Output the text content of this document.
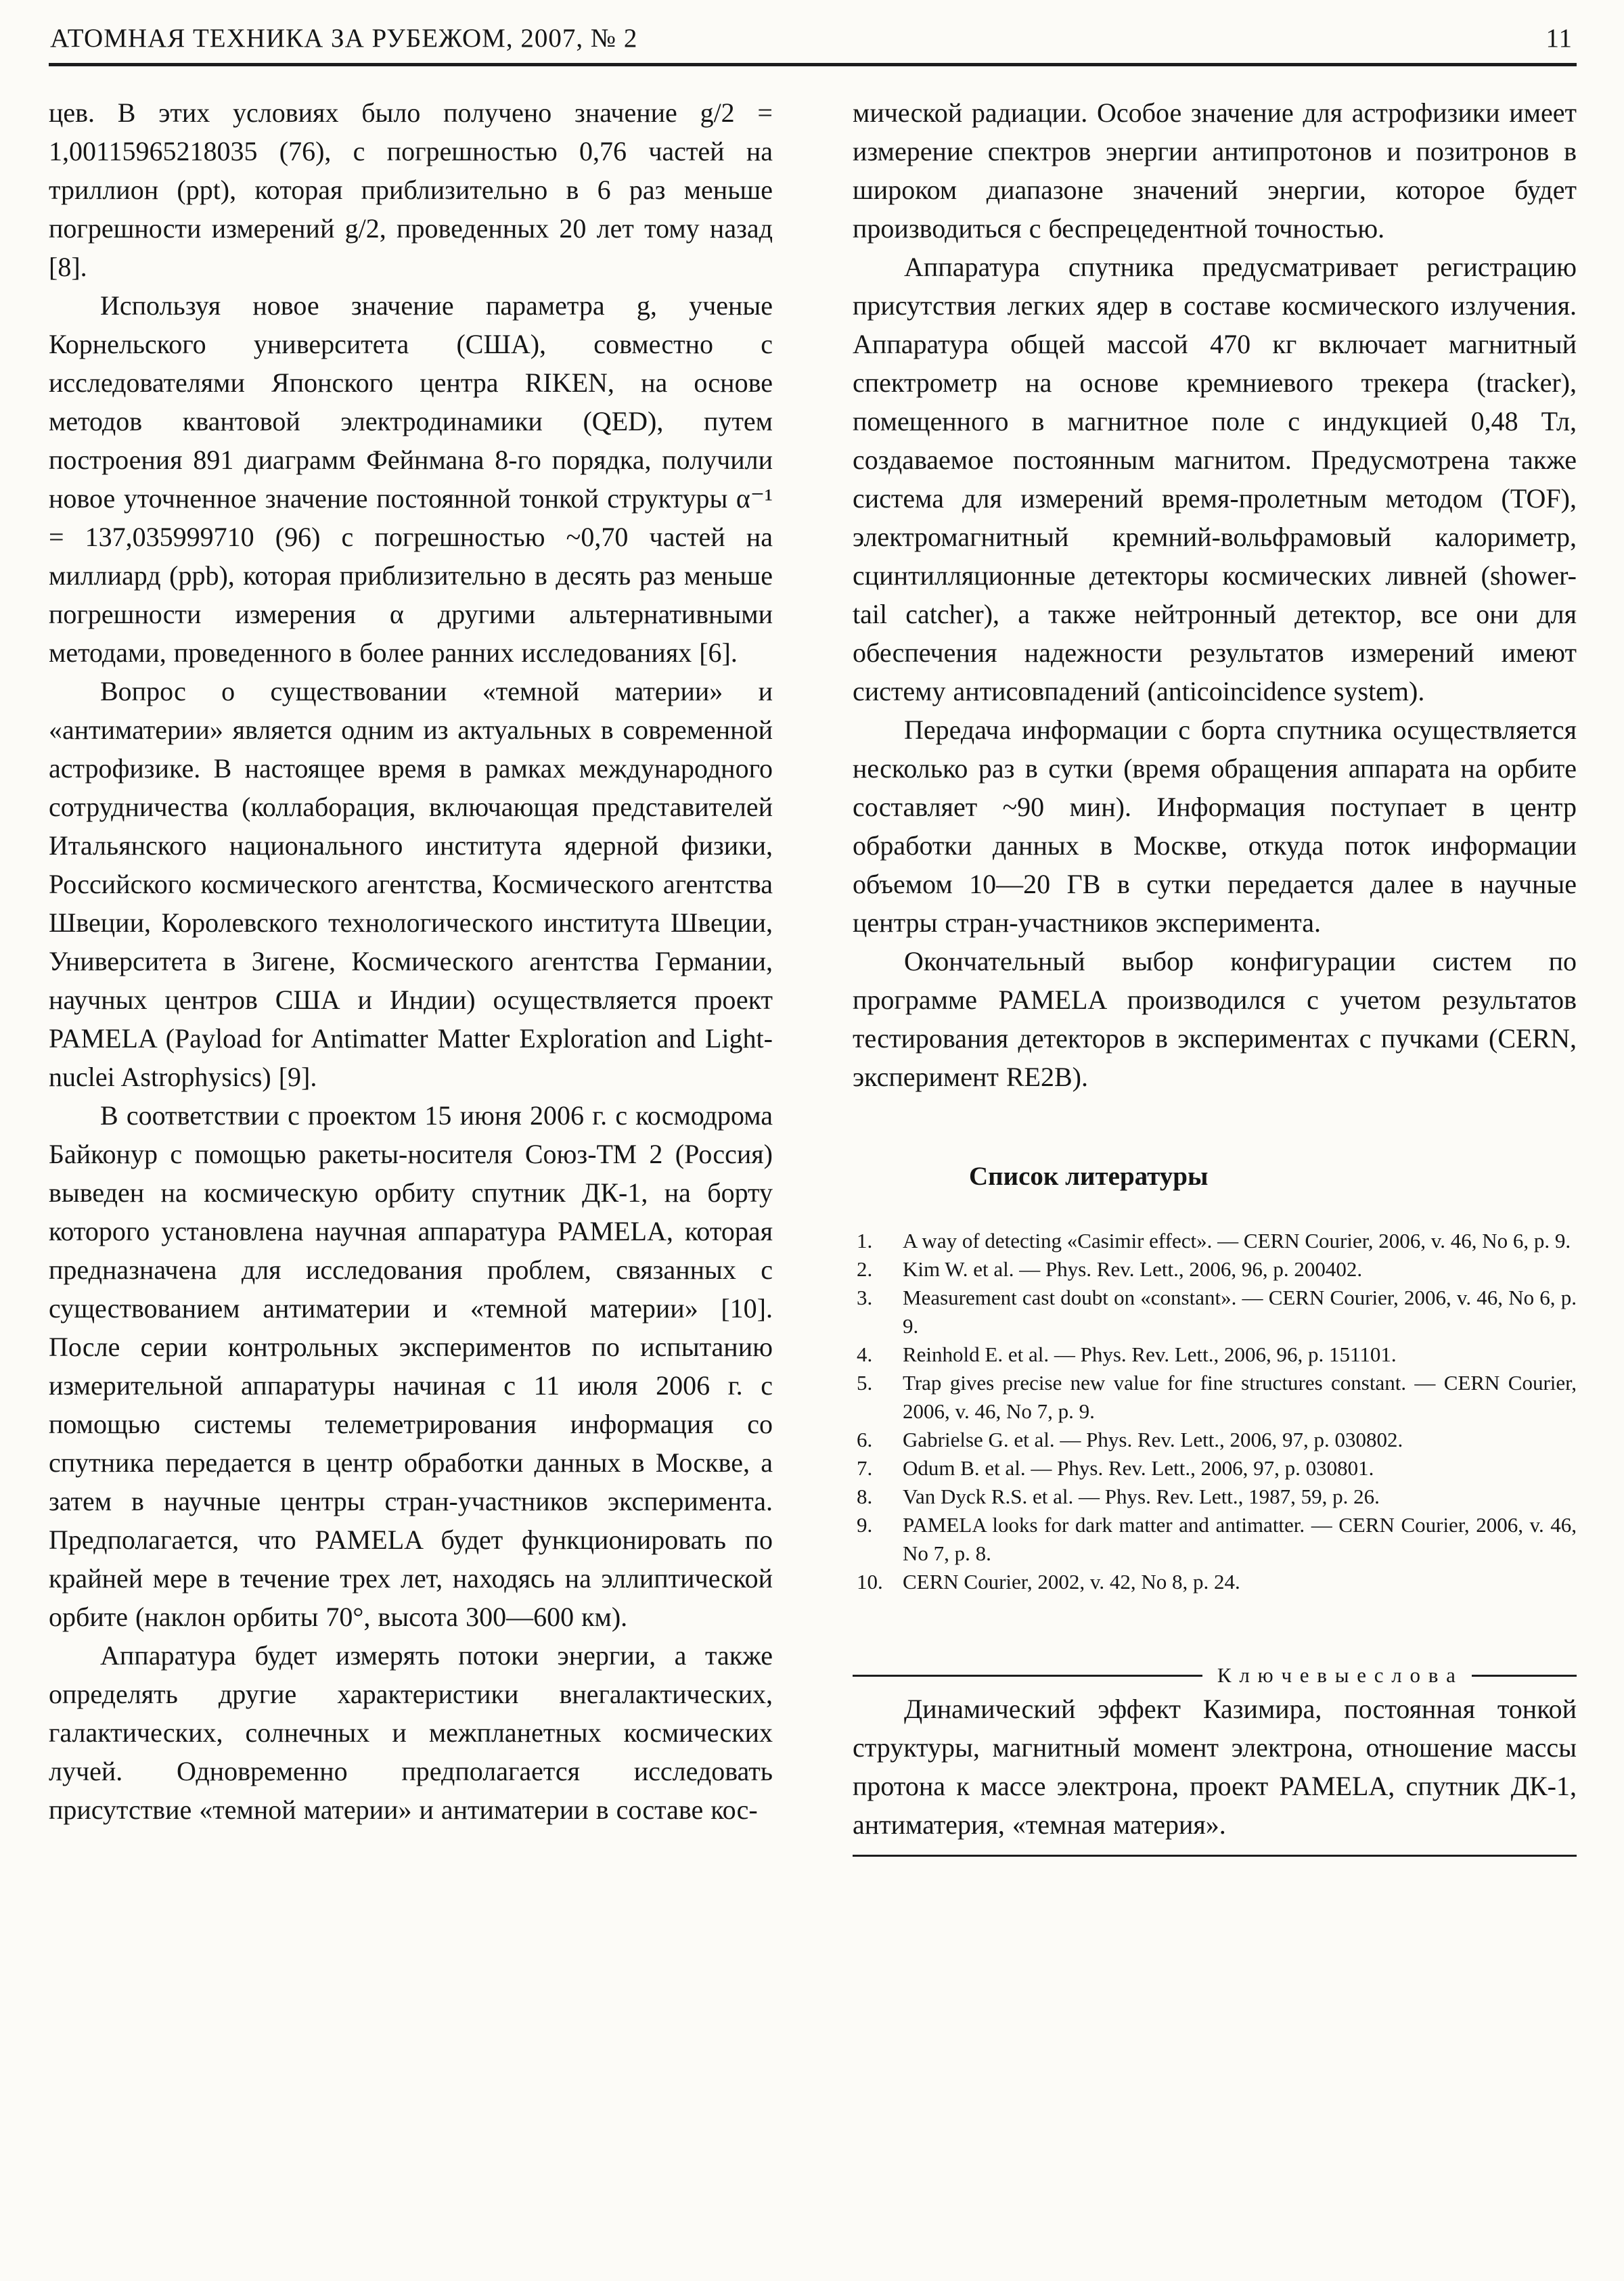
АТОМНАЯ ТЕХНИКА ЗА РУБЕЖОМ, 2007, № 2	11

цев. В этих условиях было получено значение g/2 = 1,00115965218035 (76), с погрешностью 0,76 частей на триллион (ppt), которая приблизительно в 6 раз меньше погрешности измерений g/2, проведенных 20 лет тому назад [8].

Используя новое значение параметра g, ученые Корнельского университета (США), совместно с исследователями Японского центра RIKEN, на основе методов квантовой электродинамики (QED), путем построения 891 диаграмм Фейнмана 8-го порядка, получили новое уточненное значение постоянной тонкой структуры α⁻¹ = 137,035999710 (96) с погрешностью ~0,70 частей на миллиард (ppb), которая приблизительно в десять раз меньше погрешности измерения α другими альтернативными методами, проведенного в более ранних исследованиях [6].

Вопрос о существовании «темной материи» и «антиматерии» является одним из актуальных в современной астрофизике. В настоящее время в рамках международного сотрудничества (коллаборация, включающая представителей Итальянского национального института ядерной физики, Российского космического агентства, Космического агентства Швеции, Королевского технологического института Швеции, Университета в Зигене, Космического агентства Германии, научных центров США и Индии) осуществляется проект PAMELA (Payload for Antimatter Matter Exploration and Light-nuclei Astrophysics) [9].

В соответствии с проектом 15 июня 2006 г. с космодрома Байконур с помощью ракеты-носителя Союз-ТМ 2 (Россия) выведен на космическую орбиту спутник ДК-1, на борту которого установлена научная аппаратура PAMELA, которая предназначена для исследования проблем, связанных с существованием антиматерии и «темной материи» [10]. После серии контрольных экспериментов по испытанию измерительной аппаратуры начиная с 11 июля 2006 г. с помощью системы телеметрирования информация со спутника передается в центр обработки данных в Москве, а затем в научные центры стран-участников эксперимента. Предполагается, что PAMELA будет функционировать по крайней мере в течение трех лет, находясь на эллиптической орбите (наклон орбиты 70°, высота 300—600 км).

Аппаратура будет измерять потоки энергии, а также определять другие характеристики внегалактических, галактических, солнечных и межпланетных космических лучей. Одновременно предполагается исследовать присутствие «темной материи» и антиматерии в составе кос-

мической радиации. Особое значение для астрофизики имеет измерение спектров энергии антипротонов и позитронов в широком диапазоне значений энергии, которое будет производиться с беспрецедентной точностью.

Аппаратура спутника предусматривает регистрацию присутствия легких ядер в составе космического излучения. Аппаратура общей массой 470 кг включает магнитный спектрометр на основе кремниевого трекера (tracker), помещенного в магнитное поле с индукцией 0,48 Тл, создаваемое постоянным магнитом. Предусмотрена также система для измерений время-пролетным методом (TOF), электромагнитный кремний-вольфрамовый калориметр, сцинтилляционные детекторы космических ливней (shower-tail catcher), а также нейтронный детектор, все они для обеспечения надежности результатов измерений имеют систему антисовпадений (anticoincidence system).

Передача информации с борта спутника осуществляется несколько раз в сутки (время обращения аппарата на орбите составляет ~90 мин). Информация поступает в центр обработки данных в Москве, откуда поток информации объемом 10—20 ГВ в сутки передается далее в научные центры стран-участников эксперимента.

Окончательный выбор конфигурации систем по программе PAMELA производился с учетом результатов тестирования детекторов в экспериментах с пучками (CERN, эксперимент RE2B).

Список литературы
1.	A way of detecting «Casimir effect». — CERN Courier, 2006, v. 46, No 6, p. 9.
2.	Kim W. et al. — Phys. Rev. Lett., 2006, 96, p. 200402.
3.	Measurement cast doubt on «constant». — CERN Courier, 2006, v. 46, No 6, p. 9.
4.	Reinhold E. et al. — Phys. Rev. Lett., 2006, 96, p. 151101.
5.	Trap gives precise new value for fine structures constant. — CERN Courier, 2006, v. 46, No 7, p. 9.
6.	Gabrielse G. et al. — Phys. Rev. Lett., 2006, 97, p. 030802.
7.	Odum B. et al. — Phys. Rev. Lett., 2006, 97, p. 030801.
8.	Van Dyck R.S. et al. — Phys. Rev. Lett., 1987, 59, p. 26.
9.	PAMELA looks for dark matter and antimatter. — CERN Courier, 2006, v. 46, No 7, p. 8.
10. CERN Courier, 2002, v. 42, No 8, p. 24.
К л ю ч е в ы е с л о в а

Динамический эффект Казимира, постоянная тонкой структуры, магнитный момент электрона, отношение массы протона к массе электрона, проект PAMELA, спутник ДК-1, антиматерия, «темная материя».
